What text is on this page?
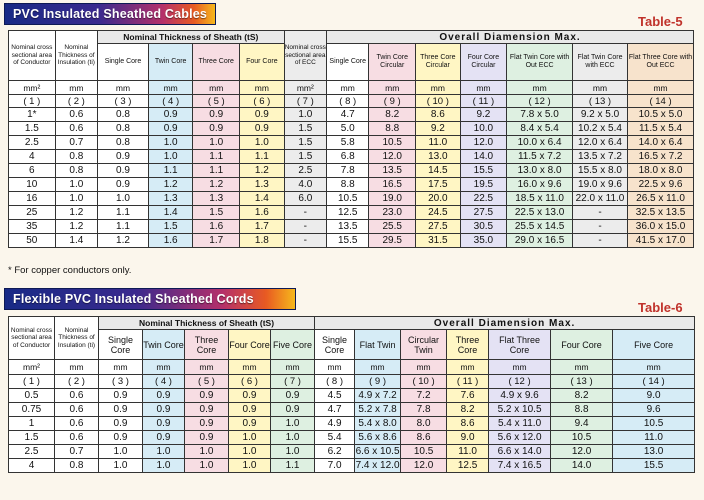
PVC Insulated Sheathed Cables	Table-5
Nominal cross sectional area of Conductor	Nominal Thickness of Insulation (ti)	Nominal Thickness of Sheath (tS)				Nominal cross sectional area of ECC	Overall Diamension Max.						
		Single Core	Twin Core	Three Core	Four Core		Single Core	Twin Core Circular	Three Core Circular	Four Core Circular	Flat Twin Core with Out ECC	Flat Twin Core with ECC	Flat Three Core with Out ECC
mm²	mm	mm	mm	mm	mm	mm²	mm	mm	mm	mm	mm	mm	mm
( 1 )	( 2 )	( 3 )	( 4 )	( 5 )	( 6 )	( 7 )	( 8 )	( 9 )	( 10 )	( 11 )	( 12 )	( 13 )	( 14 )
1*	0.6	0.8	0.9	0.9	0.9	1.0	4.7	8.2	8.6	9.2	7.8 x 5.0	9.2 x 5.0	10.5 x 5.0
1.5	0.6	0.8	0.9	0.9	0.9	1.5	5.0	8.8	9.2	10.0	8.4 x 5.4	10.2 x 5.4	11.5 x 5.4
2.5	0.7	0.8	1.0	1.0	1.0	1.5	5.8	10.5	11.0	12.0	10.0 x 6.4	12.0 x 6.4	14.0 x 6.4
4	0.8	0.9	1.0	1.1	1.1	1.5	6.8	12.0	13.0	14.0	11.5 x 7.2	13.5 x 7.2	16.5 x 7.2
6	0.8	0.9	1.1	1.1	1.2	2.5	7.8	13.5	14.5	15.5	13.0 x 8.0	15.5 x 8.0	18.0 x 8.0
10	1.0	0.9	1.2	1.2	1.3	4.0	8.8	16.5	17.5	19.5	16.0 x 9.6	19.0 x 9.6	22.5 x 9.6
16	1.0	1.0	1.3	1.3	1.4	6.0	10.5	19.0	20.0	22.5	18.5 x 11.0	22.0 x 11.0	26.5 x 11.0
25	1.2	1.1	1.4	1.5	1.6	-	12.5	23.0	24.5	27.5	22.5 x 13.0	-	32.5 x 13.5
35	1.2	1.1	1.5	1.6	1.7	-	13.5	25.5	27.5	30.5	25.5 x 14.5	-	36.0 x 15.0
50	1.4	1.2	1.6	1.7	1.8	-	15.5	29.5	31.5	35.0	29.0 x 16.5	-	41.5 x 17.0
* For copper conductors only.
Flexible PVC Insulated Sheathed Cords
Table-6
Nominal cross sectional area of Conductor	Nominal Thickness of Insulation (ti)	Nominal Thickness of Sheath (tS)					Overall Diamension Max.						
		Single Core	Twin Core	Three Core	Four Core	Five Core	Single Core	Flat Twin	Circular Twin	Three Core	Flat Three Core	Four Core	Five Core
mm²	mm	mm	mm	mm	mm	mm	mm	mm	mm	mm	mm	mm	mm
( 1 )	( 2 )	( 3 )	( 4 )	( 5 )	( 6 )	( 7 )	( 8 )	( 9 )	( 10 )	( 11 )	( 12 )	( 13 )	( 14 )
0.5	0.6	0.9	0.9	0.9	0.9	0.9	4.5	4.9 x 7.2	7.2	7.6	4.9 x 9.6	8.2	9.0
0.75	0.6	0.9	0.9	0.9	0.9	0.9	4.7	5.2 x 7.8	7.8	8.2	5.2 x 10.5	8.8	9.6
1	0.6	0.9	0.9	0.9	0.9	1.0	4.9	5.4 x 8.0	8.0	8.6	5.4 x 11.0	9.4	10.5
1.5	0.6	0.9	0.9	0.9	1.0	1.0	5.4	5.6 x 8.6	8.6	9.0	5.6 x 12.0	10.5	11.0
2.5	0.7	1.0	1.0	1.0	1.0	1.0	6.2	6.6 x 10.5	10.5	11.0	6.6 x 14.0	12.0	13.0
4	0.8	1.0	1.0	1.0	1.0	1.1	7.0	7.4 x 12.0	12.0	12.5	7.4 x 16.5	14.0	15.5
